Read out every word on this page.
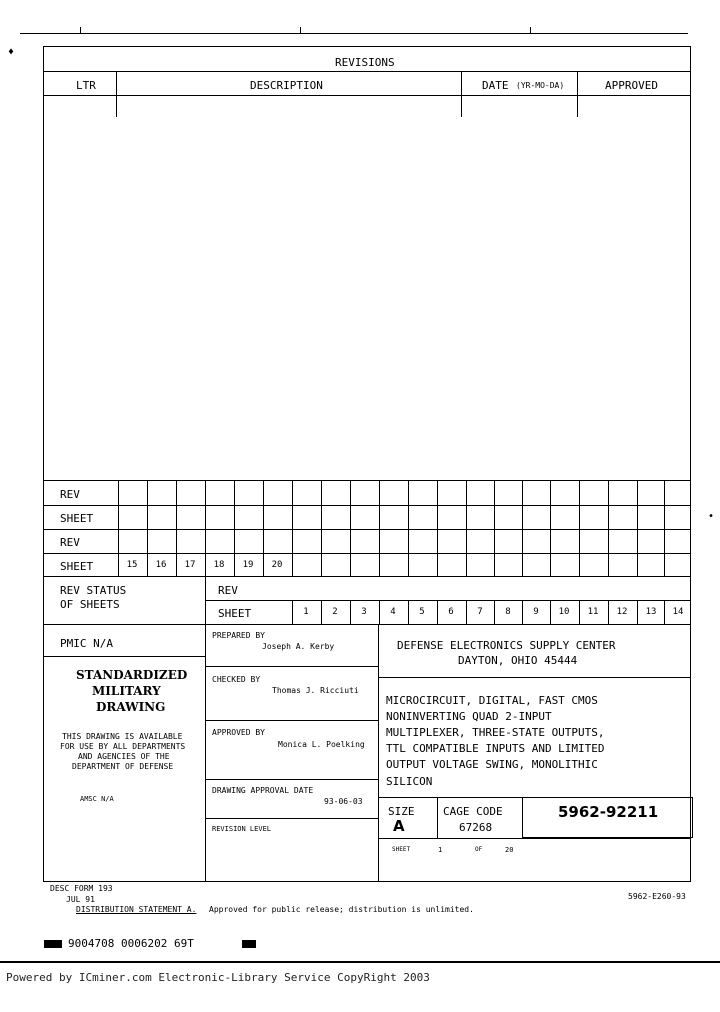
♦
•
REVISIONS
LTR	DESCRIPTION	DATE (YR-MO-DA)	APPROVED
REV
SHEET
REV
SHEET	15	16	17	18	19	20
REV STATUS
OF SHEETS
REV
SHEET	1	2	3	4	5	6	7	8	9	10	11	12	13	14
PMIC N/A
STANDARDIZED
MILITARY
DRAWING
THIS DRAWING IS AVAILABLE
FOR USE BY ALL DEPARTMENTS
AND AGENCIES OF THE
DEPARTMENT OF DEFENSE
AMSC N/A
PREPARED BY
Joseph A. Kerby
CHECKED BY
Thomas J. Ricciuti
APPROVED BY
Monica L. Poelking
DRAWING APPROVAL DATE
93-06-03
REVISION LEVEL
DEFENSE ELECTRONICS SUPPLY CENTER
DAYTON, OHIO 45444
MICROCIRCUIT, DIGITAL, FAST CMOS
NONINVERTING QUAD 2-INPUT
MULTIPLEXER, THREE-STATE OUTPUTS,
TTL COMPATIBLE INPUTS AND LIMITED
OUTPUT VOLTAGE SWING, MONOLITHIC
SILICON
SIZE
A
CAGE CODE
67268
5962-92211
SHEET	1	OF	20
DESC FORM 193
JUL 91
DISTRIBUTION STATEMENT A. Approved for public release; distribution is unlimited.
5962-E260-93
9004708 0006202 69T
Powered by ICminer.com Electronic-Library Service CopyRight 2003
